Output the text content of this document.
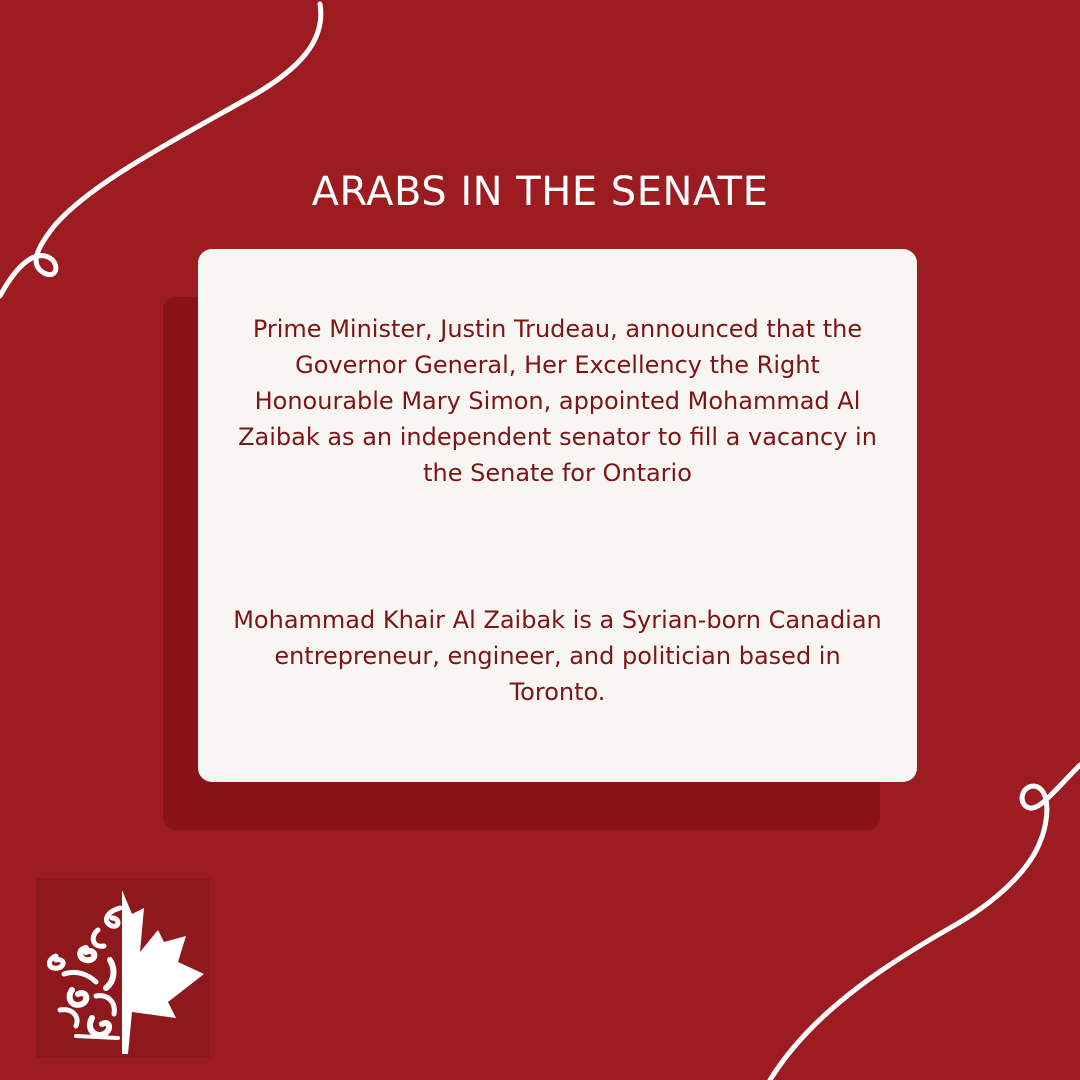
ARABS IN THE SENATE

Prime Minister, Justin Trudeau, announced that the Governor General, Her Excellency the Right Honourable Mary Simon, appointed Mohammad Al Zaibak as an independent senator to fill a vacancy in the Senate for Ontario

Mohammad Khair Al Zaibak is a Syrian-born Canadian entrepreneur, engineer, and politician based in Toronto.
